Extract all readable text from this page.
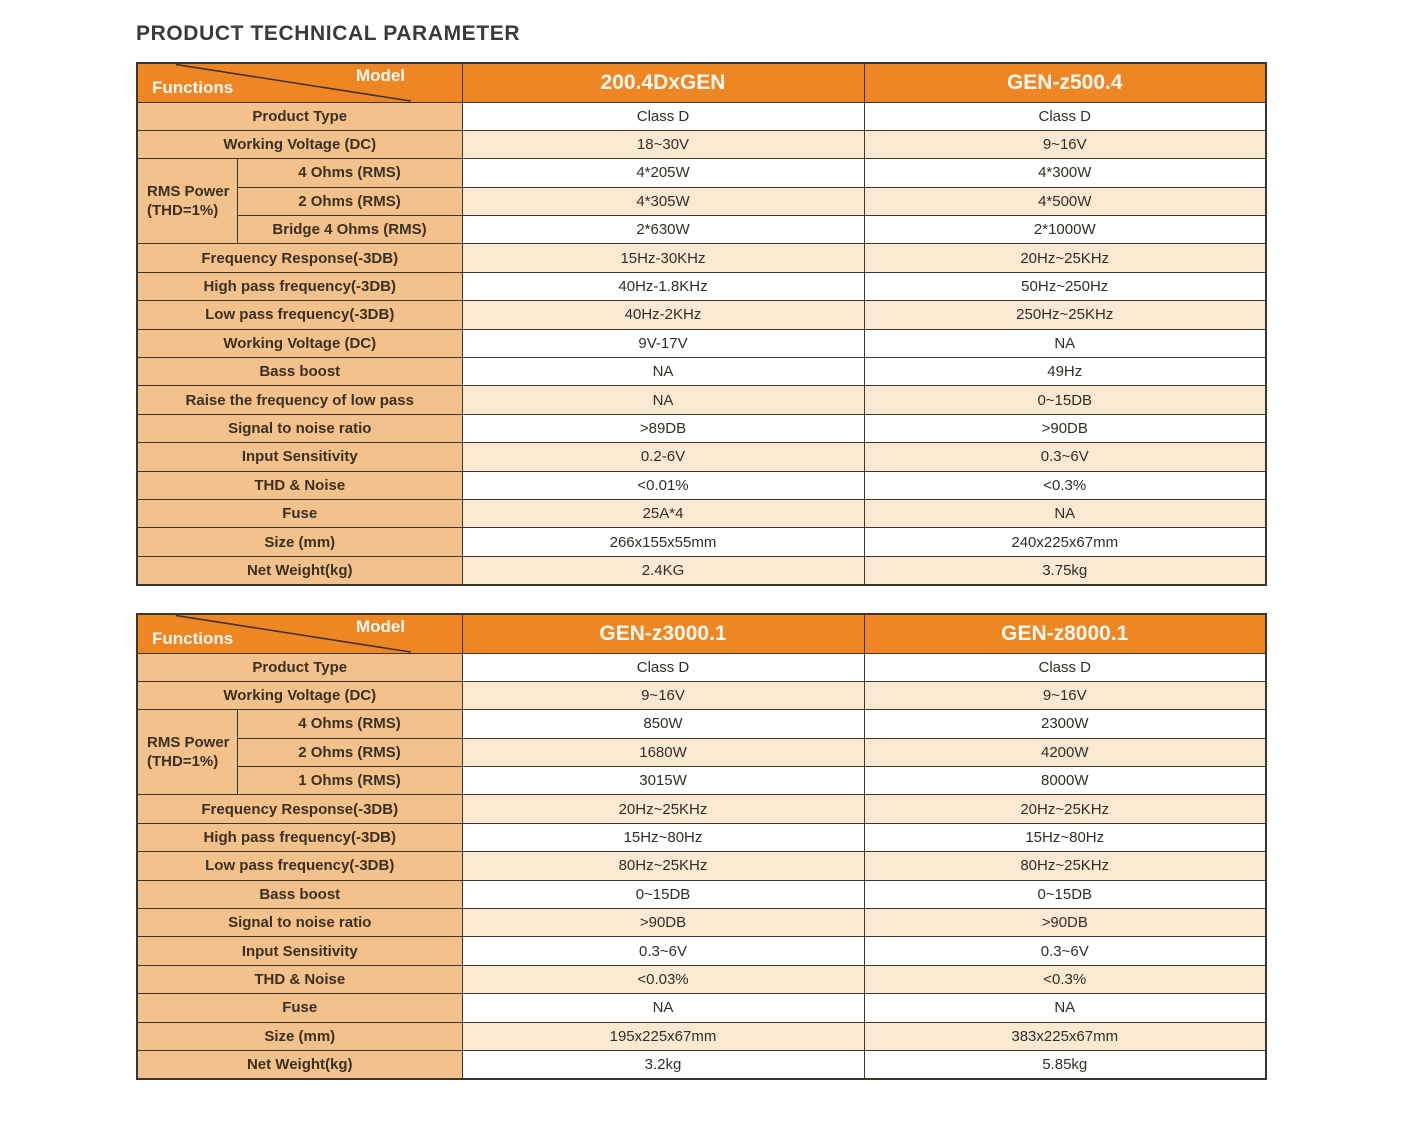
PRODUCT TECHNICAL PARAMETER
Model
Functions		200.4DxGEN	GEN-z500.4
Product Type		Class D	Class D
Working Voltage (DC)		18~30V	9~16V
RMS Power
(THD=1%)	4 Ohms (RMS)	4*205W	4*300W
	2 Ohms (RMS)	4*305W	4*500W
	Bridge 4 Ohms (RMS)	2*630W	2*1000W
Frequency Response(-3DB)		15Hz-30KHz	20Hz~25KHz
High pass frequency(-3DB)		40Hz-1.8KHz	50Hz~250Hz
Low pass frequency(-3DB)		40Hz-2KHz	250Hz~25KHz
Working Voltage (DC)		9V-17V	NA
Bass boost		NA	49Hz
Raise the frequency of low pass		NA	0~15DB
Signal to noise ratio		>89DB	>90DB
Input Sensitivity		0.2-6V	0.3~6V
THD & Noise		<0.01%	<0.3%
Fuse		25A*4	NA
Size (mm)		266x155x55mm	240x225x67mm
Net Weight(kg)		2.4KG	3.75kg
Model
Functions		GEN-z3000.1	GEN-z8000.1
Product Type		Class D	Class D
Working Voltage (DC)		9~16V	9~16V
RMS Power
(THD=1%)	4 Ohms (RMS)	850W	2300W
	2 Ohms (RMS)	1680W	4200W
	1 Ohms (RMS)	3015W	8000W
Frequency Response(-3DB)		20Hz~25KHz	20Hz~25KHz
High pass frequency(-3DB)		15Hz~80Hz	15Hz~80Hz
Low pass frequency(-3DB)		80Hz~25KHz	80Hz~25KHz
Bass boost		0~15DB	0~15DB
Signal to noise ratio		>90DB	>90DB
Input Sensitivity		0.3~6V	0.3~6V
THD & Noise		<0.03%	<0.3%
Fuse		NA	NA
Size (mm)		195x225x67mm	383x225x67mm
Net Weight(kg)		3.2kg	5.85kg
